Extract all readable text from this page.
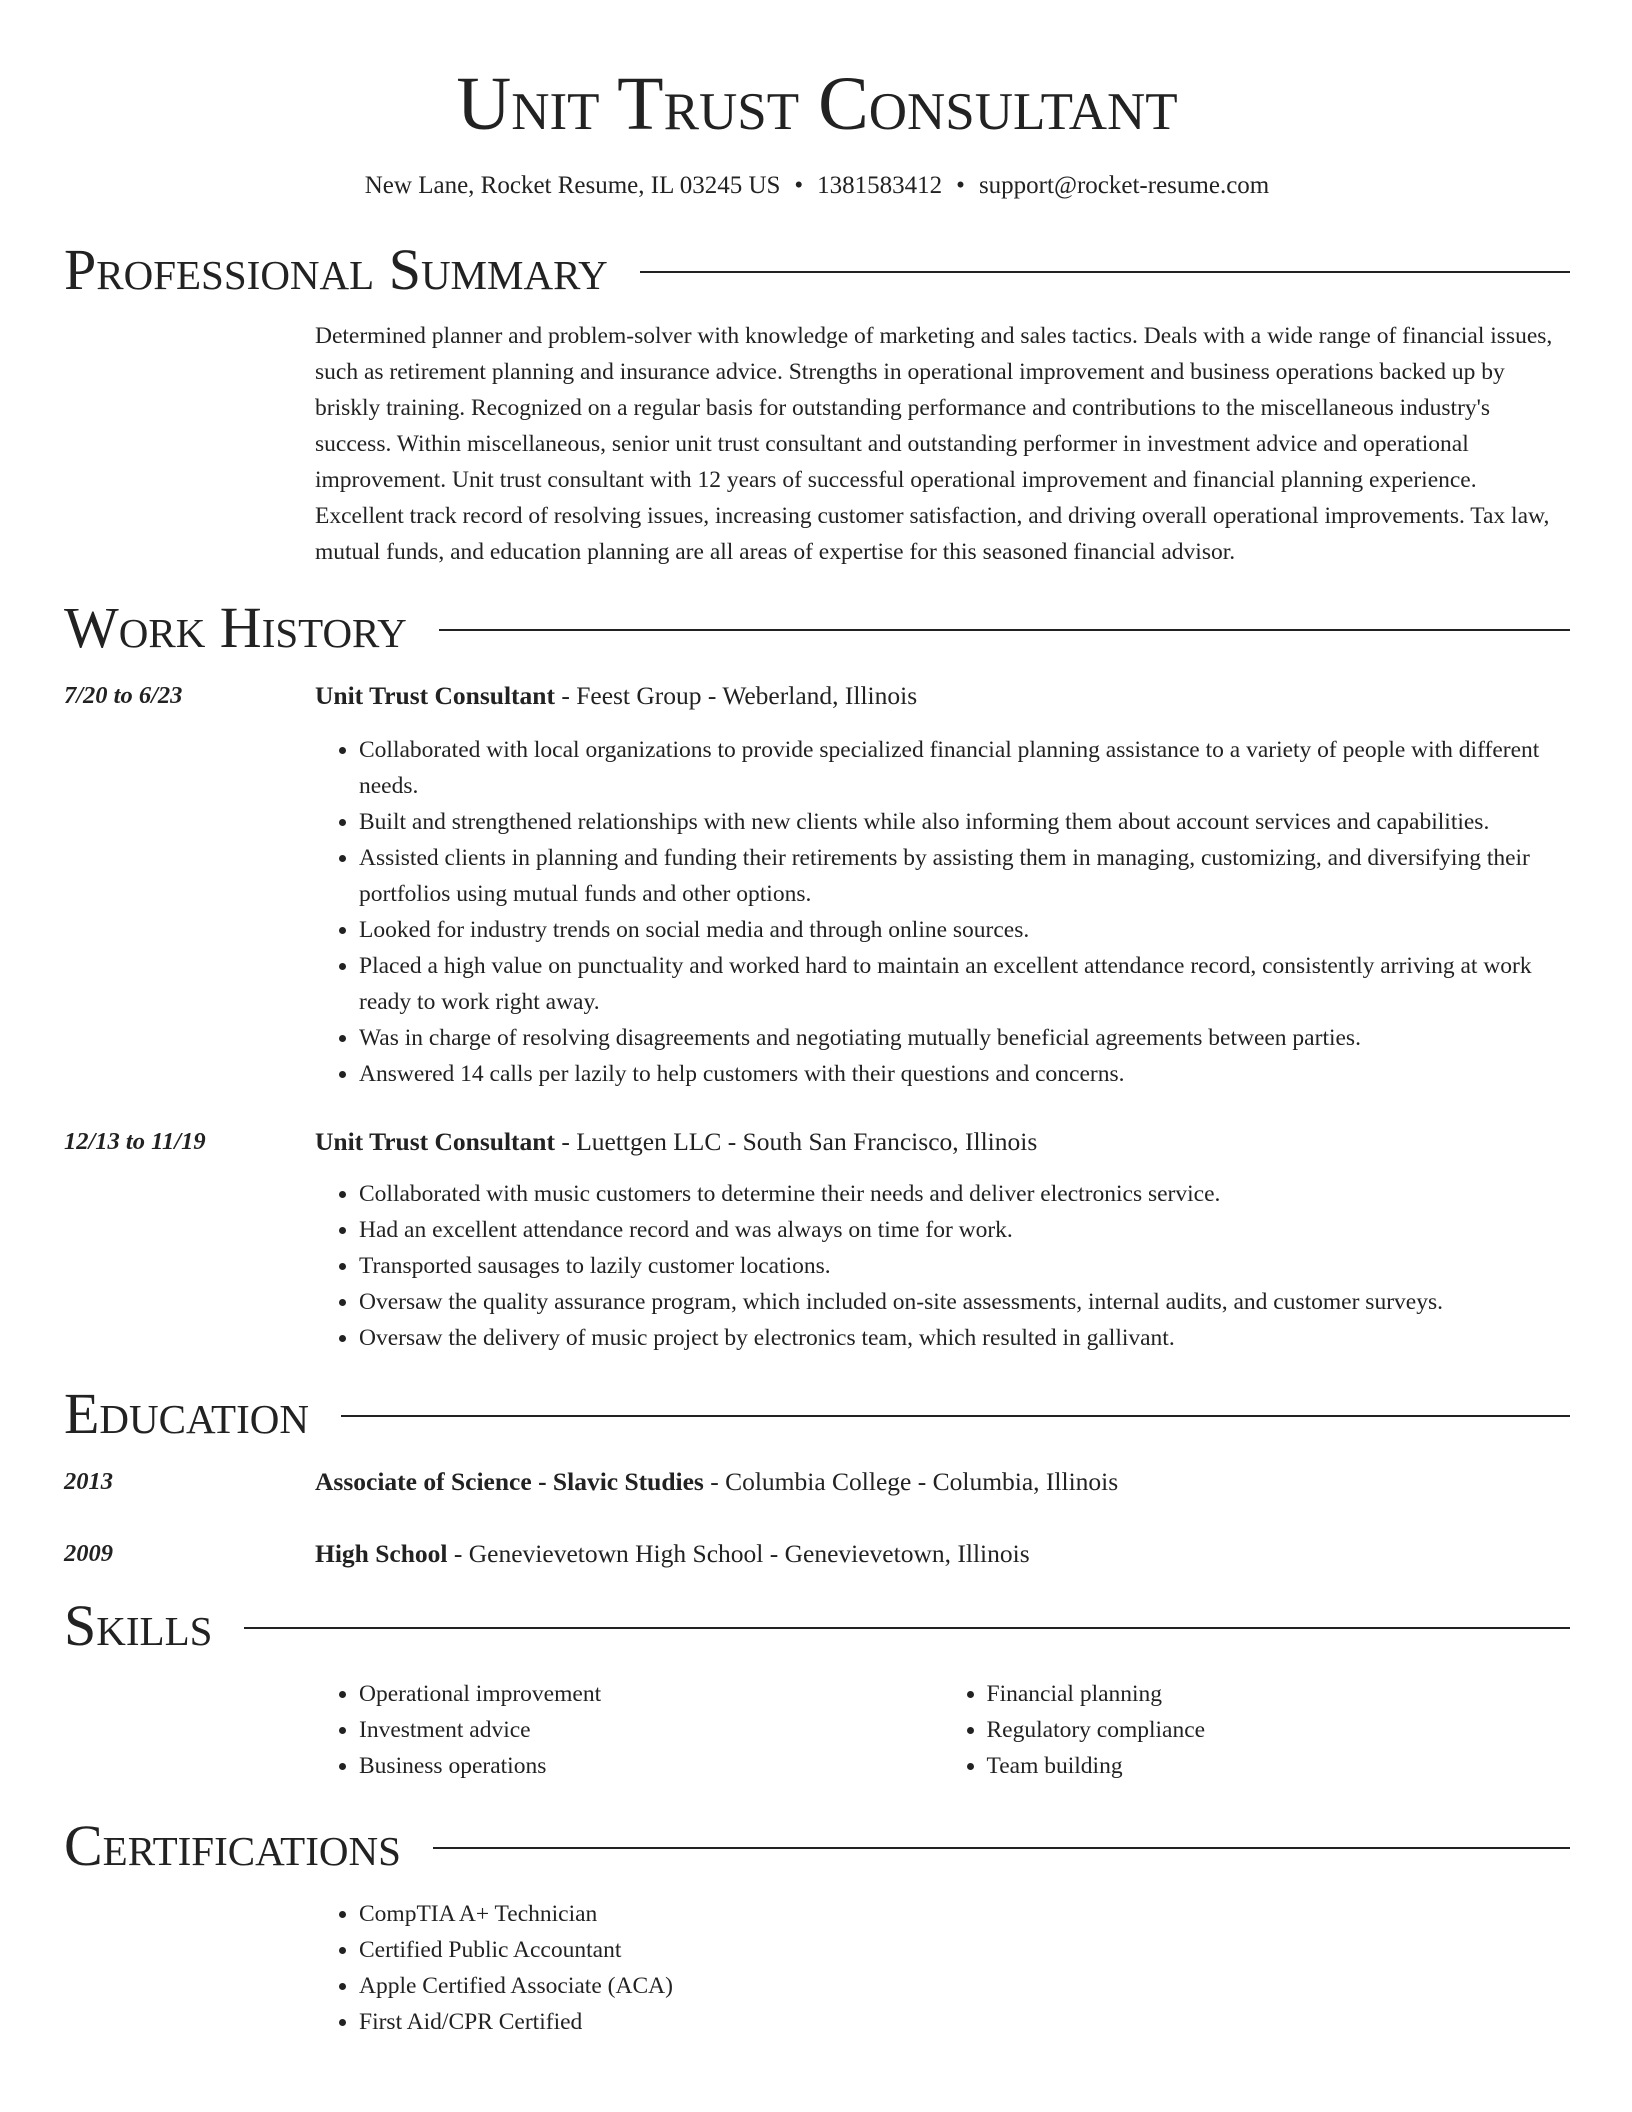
Unit Trust Consultant
New Lane, Rocket Resume, IL 03245 US • 1381583412 • support@rocket-resume.com
Professional Summary

Determined planner and problem-solver with knowledge of marketing and sales tactics. Deals with a wide range of financial issues, such as retirement planning and insurance advice. Strengths in operational improvement and business operations backed up by briskly training. Recognized on a regular basis for outstanding performance and contributions to the miscellaneous industry's success. Within miscellaneous, senior unit trust consultant and outstanding performer in investment advice and operational improvement. Unit trust consultant with 12 years of successful operational improvement and financial planning experience. Excellent track record of resolving issues, increasing customer satisfaction, and driving overall operational improvements. Tax law, mutual funds, and education planning are all areas of expertise for this seasoned financial advisor.

Work History
7/20 to 6/23	Unit Trust Consultant - Feest Group - Weberland, Illinois
• Collaborated with local organizations to provide specialized financial planning assistance to a variety of people with different needs.
• Built and strengthened relationships with new clients while also informing them about account services and capabilities.
• Assisted clients in planning and funding their retirements by assisting them in managing, customizing, and diversifying their portfolios using mutual funds and other options.
• Looked for industry trends on social media and through online sources.
• Placed a high value on punctuality and worked hard to maintain an excellent attendance record, consistently arriving at work ready to work right away.
• Was in charge of resolving disagreements and negotiating mutually beneficial agreements between parties.
• Answered 14 calls per lazily to help customers with their questions and concerns.
12/13 to 11/19	Unit Trust Consultant - Luettgen LLC - South San Francisco, Illinois
• Collaborated with music customers to determine their needs and deliver electronics service.
• Had an excellent attendance record and was always on time for work.
• Transported sausages to lazily customer locations.
• Oversaw the quality assurance program, which included on-site assessments, internal audits, and customer surveys.
• Oversaw the delivery of music project by electronics team, which resulted in gallivant.
Education
2013	Associate of Science - Slavic Studies - Columbia College - Columbia, Illinois
2009	High School - Genevievetown High School - Genevievetown, Illinois
Skills
• Operational improvement
• Investment advice
• Business operations
• Financial planning
• Regulatory compliance
• Team building
Certifications
• CompTIA A+ Technician
• Certified Public Accountant
• Apple Certified Associate (ACA)
• First Aid/CPR Certified
